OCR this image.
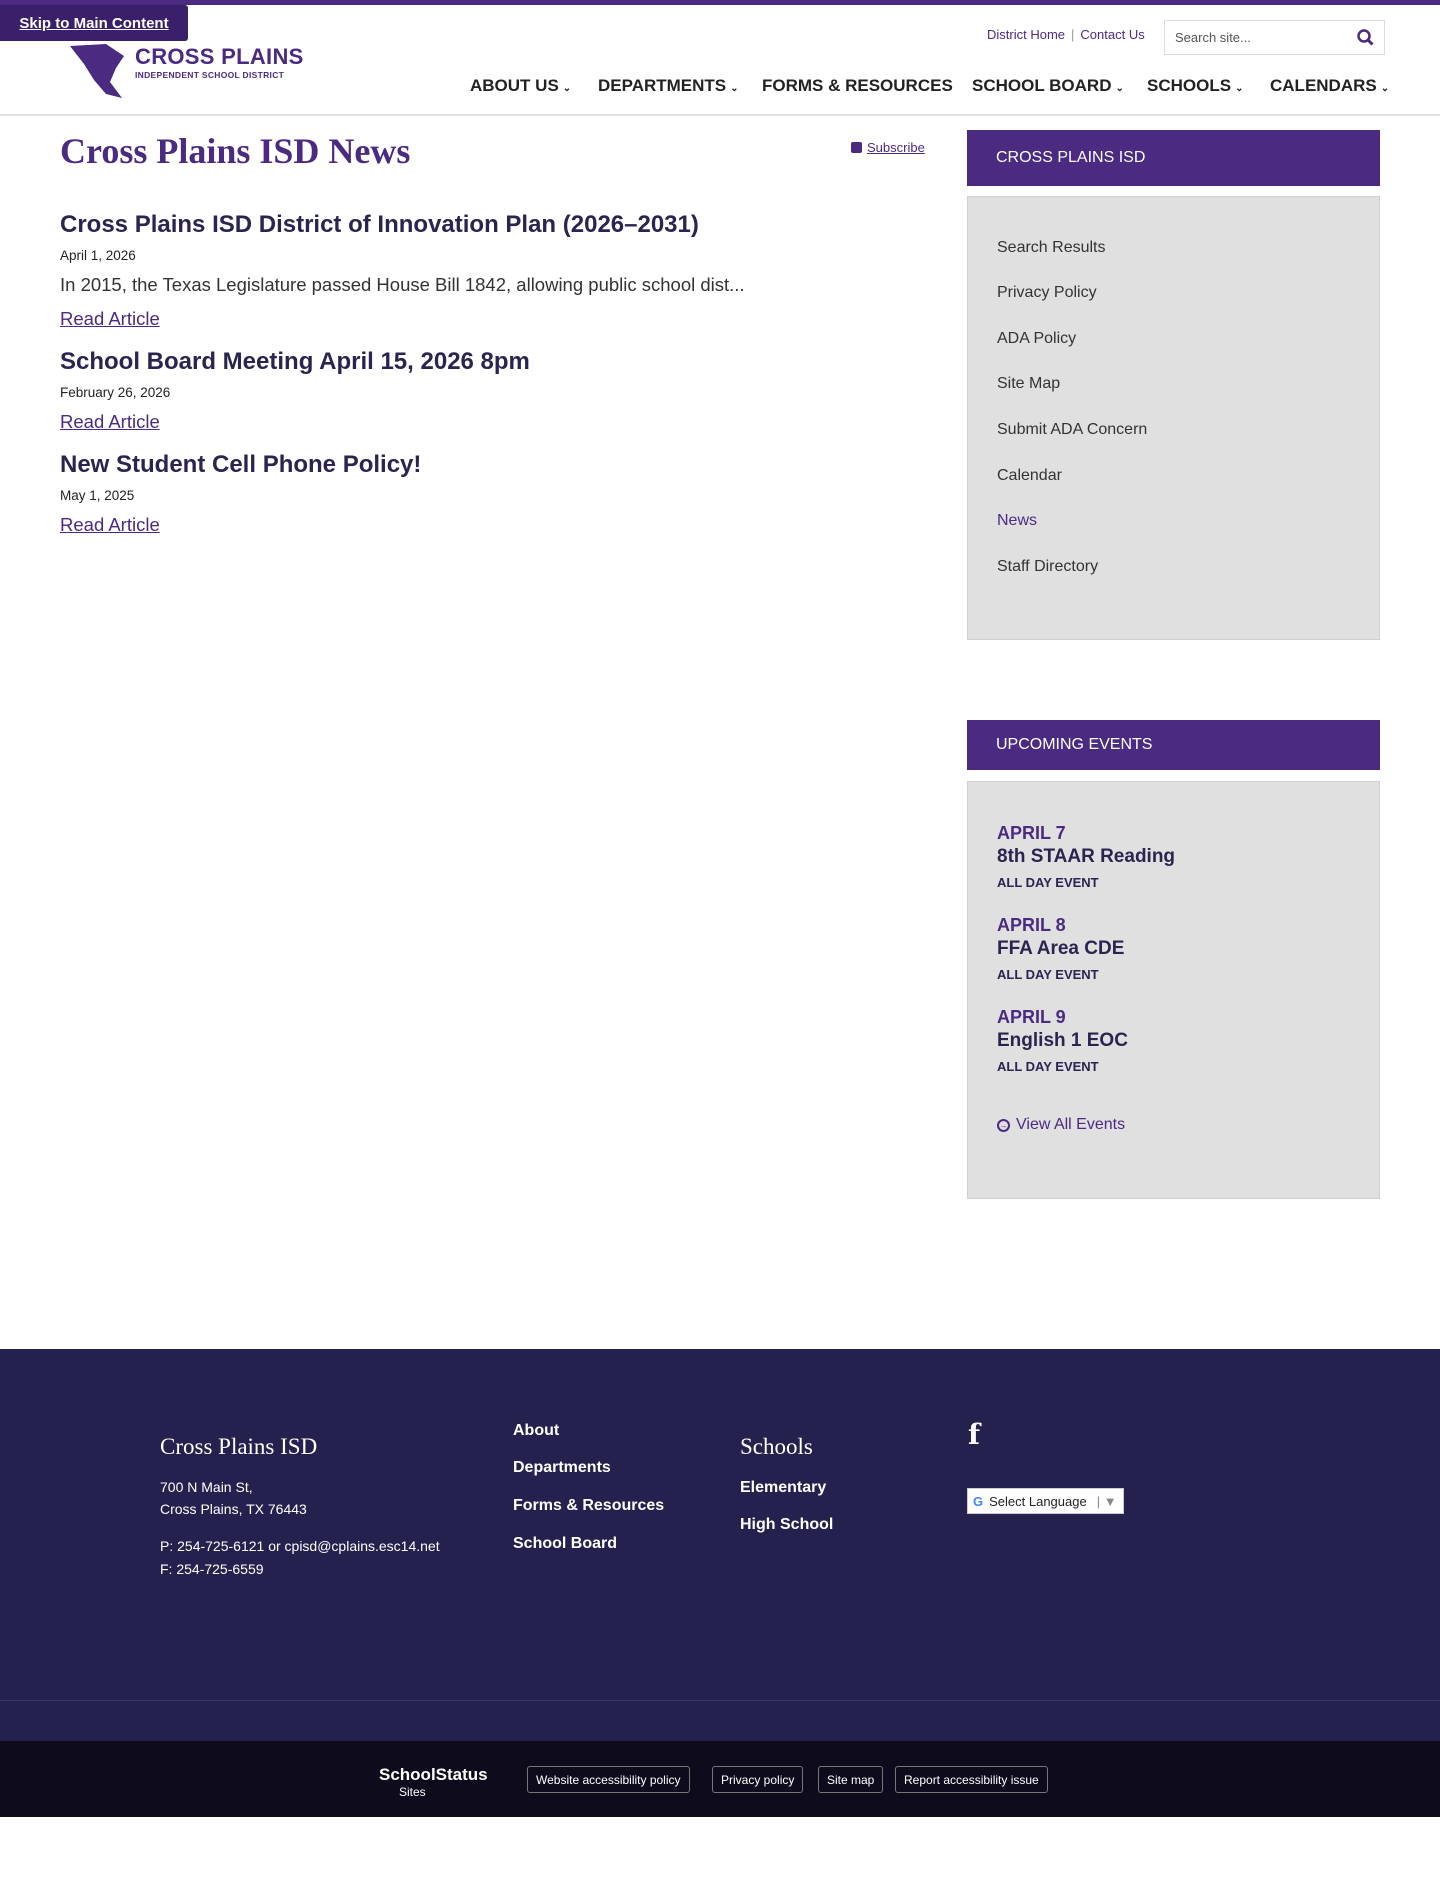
Skip to Main Content
CROSS PLAINS
INDEPENDENT SCHOOL DISTRICT
District Home | Contact Us Search site...
ABOUT US ⌄ DEPARTMENTS ⌄ FORMS & RESOURCES SCHOOL BOARD ⌄ SCHOOLS ⌄ CALENDARS ⌄
Cross Plains ISD News	Subscribe
Cross Plains ISD District of Innovation Plan (2026–2031)
April 1, 2026
In 2015, the Texas Legislature passed House Bill 1842, allowing public school dist...
Read Article
School Board Meeting April 15, 2026 8pm
February 26, 2026
Read Article
New Student Cell Phone Policy!
May 1, 2025
Read Article
CROSS PLAINS ISD
Search Results
Privacy Policy
ADA Policy
Site Map
Submit ADA Concern
Calendar
News
Staff Directory
UPCOMING EVENTS
APRIL 7
8th STAAR Reading
ALL DAY EVENT
APRIL 8
FFA Area CDE
ALL DAY EVENT
APRIL 9
English 1 EOC
ALL DAY EVENT
→ View All Events
Cross Plains ISD
700 N Main St,
Cross Plains, TX 76443
P: 254-725-6121 or cpisd@cplains.esc14.net
F: 254-725-6559
About
Departments
Forms & Resources
School Board
Schools
Elementary
High School
f
G Select Language | ▼
SchoolStatus
Sites
Website accessibility policy	Privacy policy	Site map	Report accessibility issue
